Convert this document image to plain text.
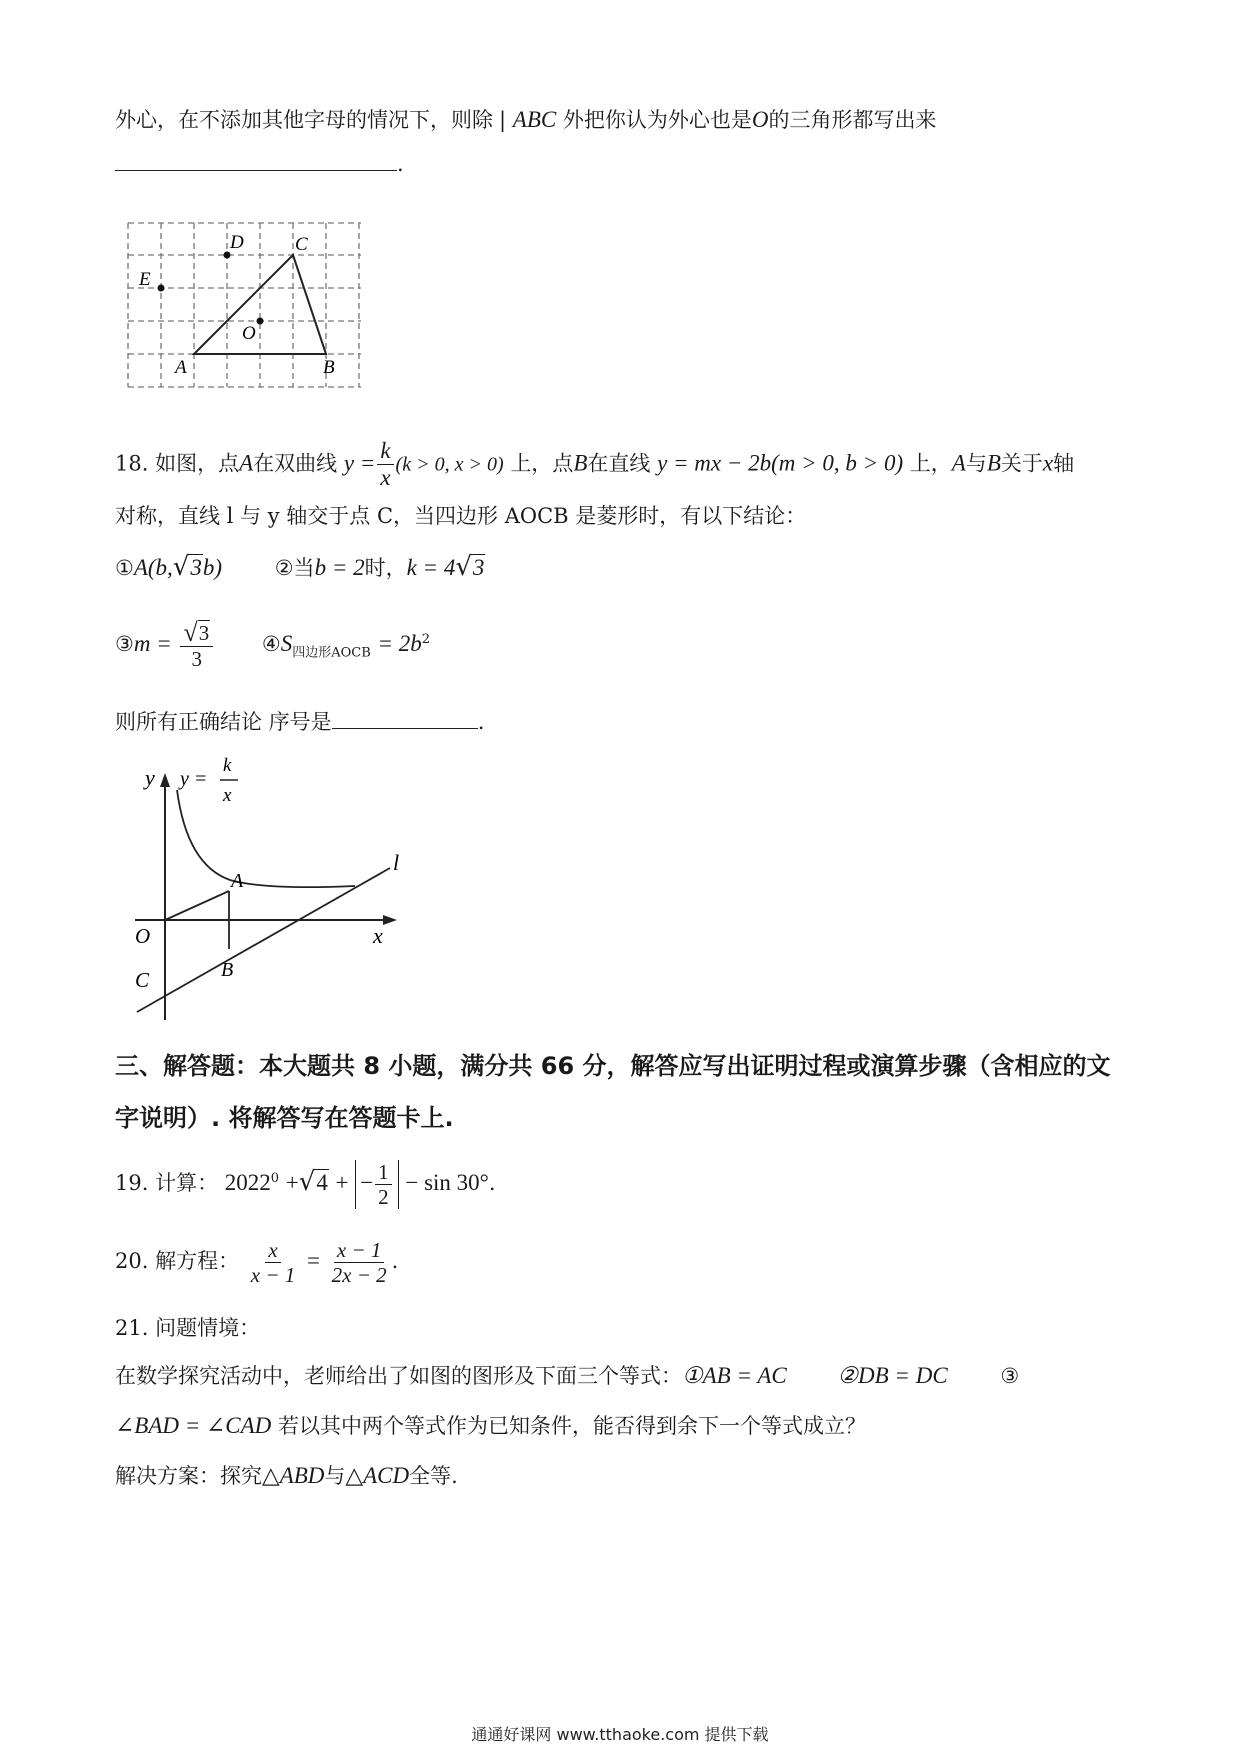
外心，在不添加其他字母的情况下，则除 | ABC 外把你认为外心也是O的三角形都写出来
.
D	C
E
O
A	B
18. 如图，点A在双曲线 $y = \frac{k}{x} (k > 0$, x > 0) 上，点B在直线 y = mx − 2b(m > 0, b > 0) 上，A与B关于x轴
对称，直线 l 与 y 轴交于点 C，当四边形 AOCB 是菱形时，有以下结论：
①A(b, √ 3 b)	②当b = 2时，k = 4 √ 3
③m = $\frac{√ 3}{3}$ $④S_{四边形AOCB} = 2b^2$
则所有正确结论 序号是	.
y y =
k
x
A
l
O	x
B
C
三、解答题：本大题共 8 小题，满分共 66 分，解答应写出证明过程或演算步骤（含相应的文
字说明）. 将解答写在答题卡上.
19. 计算： $2022^0$ + √ 4 + − $\frac{1}{2} - \sin 30^\circ$.
20. 解方程： $\frac{x}{x - 1} = \frac{x - 1}{2x - 2}$ .
21. 问题情境：
在数学探究活动中，老师给出了如图的图形及下面三个等式：①AB = AC ②DB = DC	③
∠BAD = ∠CAD 若以其中两个等式作为已知条件，能否得到余下一个等式成立？
解决方案：探究△ABD与△ACD全等.
通通好课网 www.tthaoke.com 提供下载
